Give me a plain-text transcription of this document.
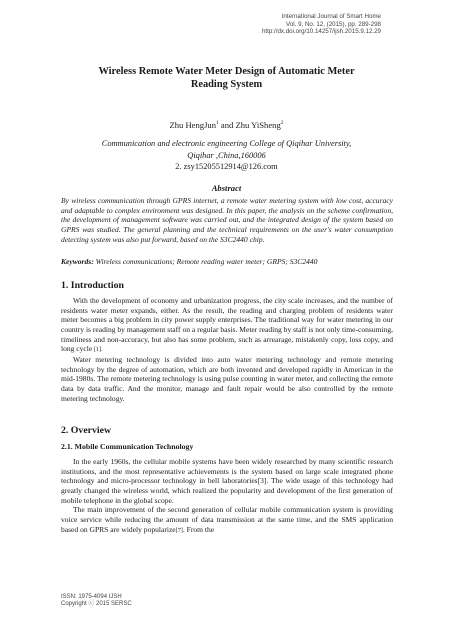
International Journal of Smart Home
Vol. 9, No. 12, (2015), pp. 289-298
http://dx.doi.org/10.14257/ijsh.2015.9.12.29
Wireless Remote Water Meter Design of Automatic Meter
Reading System
Zhu HengJun$^1$ and Zhu YiSheng$^2$
Communication and electronic engineering College of Qiqihar University,
Qiqihar ,China,160006
2. zsy15205512914@126.com
Abstract
By wireless communication through GPRS internet, a remote water metering system with low cost, accuracy and adaptable to complex environment was designed. In this paper, the analysis on the scheme confirmation, the development of management software was carried out, and the integrated design of the system based on GPRS was studied. The general planning and the technical requirements on the user's water consumption detecting system was also put forward, based on the S3C2440 chip.
Keywords: Wireless communications; Remote reading water meter; GRPS; S3C2440
1. Introduction

With the development of economy and urbanization progress, the city scale increases, and the number of residents water meter expands, either. As the result, the reading and charging problem of residents water meter becomes a big problem in city power supply enterprises. The traditional way for water metering in our country is reading by management staff on a regular basis. Meter reading by staff is not only time-consuming, timeliness and non-accuracy, but also has some problem, such as arrearage, mistakenly copy, loss copy, and long cycle [1].

Water metering technology is divided into auto water metering technology and remote metering technology by the degree of automation, which are both invented and developed rapidly in American in the mid-1980s. The remote metering technology is using pulse counting in water meter, and collecting the remote data by data traffic. And the monitor, manage and fault repair would be also controlled by the remote metering technology.

2. Overview
2.1. Mobile Communication Technology

In the early 1960s, the cellular mobile systems have been widely researched by many scientific research institutions, and the most representative achievements is the system based on large scale integrated phone technology and micro-processor technology in bell laboratories[3]. The wide usage of this technology had greatly changed the wireless world, which realized the popularity and development of the first generation of mobile telephone in the global scope.

The main improvement of the second generation of cellular mobile communication system is providing voice service while reducing the amount of data transmission at the same time, and the SMS application based on GPRS are widely popularize[7]. From the

ISSN: 1975-4094 IJSH
Copyright ⓒ 2015 SERSC
